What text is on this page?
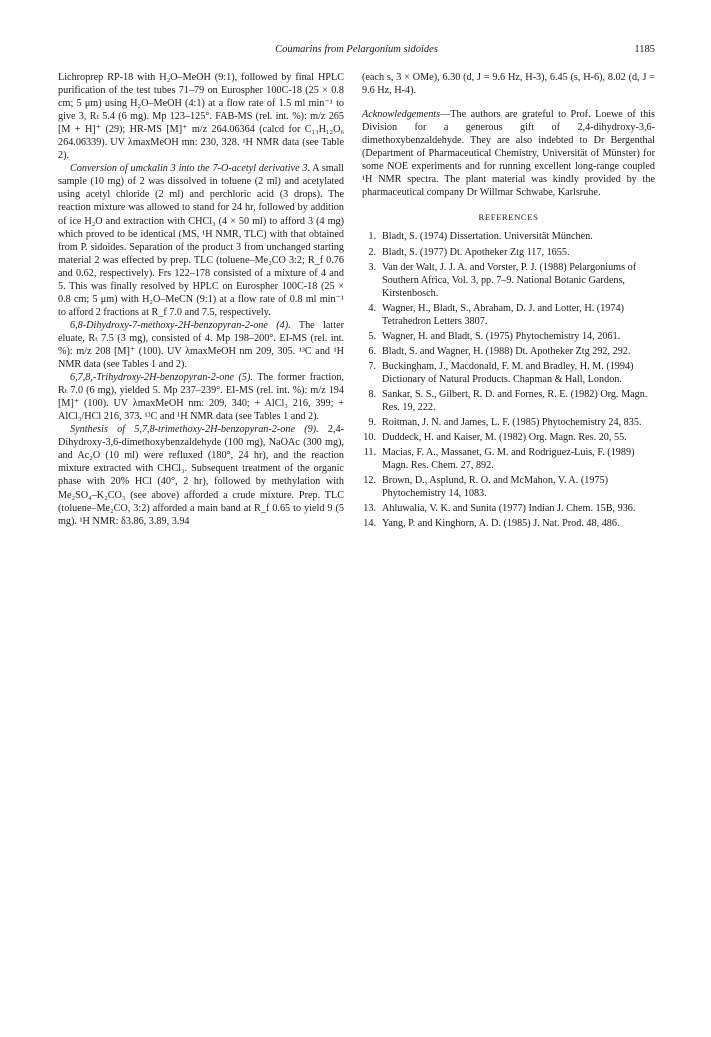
Coumarins from Pelargonium sidoides	1185

Lichroprep RP-18 with H₂O–MeOH (9:1), followed by final HPLC purification of the test tubes 71–79 on Eurospher 100C-18 (25 × 0.8 cm; 5 μm) using H₂O–MeOH (4:1) at a flow rate of 1.5 ml min⁻¹ to give 3, Rₜ 5.4 (6 mg). Mp 123–125°. FAB-MS (rel. int. %): m/z 265 [M + H]⁺ (29); HR-MS [M]⁺ m/z 264.06364 (calcd for C₁₃H₁₂O₆ 264.06339). UV λmaxMeOH mn: 230, 328. ¹H NMR data (see Table 2).

Conversion of umckalin 3 into the 7-O-acetyl derivative 3. A small sample (10 mg) of 2 was dissolved in toluene (2 ml) and acetylated using acetyl chloride (2 ml) and perchloric acid (3 drops). The reaction mixture was allowed to stand for 24 hr, followed by addition of ice H₂O and extraction with CHCl₃ (4 × 50 ml) to afford 3 (4 mg) which proved to be identical (MS, ¹H NMR, TLC) with that obtained from P. sidoides. Separation of the product 3 from unchanged starting material 2 was effected by prep. TLC (toluene–Me₂CO 3:2; R_f 0.76 and 0.62, respectively). Frs 122–178 consisted of a mixture of 4 and 5. This was finally resolved by HPLC on Eurospher 100C-18 (25 × 0.8 cm; 5 μm) with H₂O–MeCN (9:1) at a flow rate of 0.8 ml min⁻¹ to afford 2 fractions at R_f 7.0 and 7.5, respectively.

6,8-Dihydroxy-7-methoxy-2H-benzopyran-2-one (4). The latter eluate, Rₜ 7.5 (3 mg), consisted of 4. Mp 198–200°. EI-MS (rel. int. %): m/z 208 [M]⁺ (100). UV λmaxMeOH nm 209, 305. ¹³C and ¹H NMR data (see Tables 1 and 2).

6,7,8,-Trihydroxy-2H-benzopyran-2-one (5). The former fraction, Rₜ 7.0 (6 mg), yielded 5. Mp 237–239°. EI-MS (rel. int. %): m/z 194 [M]⁺ (100). UV λmaxMeOH nm: 209, 340; + AlCl₃ 216, 399; + AlCl₃/HCl 216, 373. ¹³C and ¹H NMR data (see Tables 1 and 2).

Synthesis of 5,7,8-trimethoxy-2H-benzopyran-2-one (9). 2,4-Dihydroxy-3,6-dimethoxybenzaldehyde (100 mg), NaOAc (300 mg), and Ac₂O (10 ml) were refluxed (180°, 24 hr), and the reaction mixture extracted with CHCl₃. Subsequent treatment of the organic phase with 20% HCl (40°, 2 hr), followed by methylation with Me₂SO₄–K₂CO₃ (see above) afforded a crude mixture. Prep. TLC (toluene–Me₂CO, 3:2) afforded a main band at R_f 0.65 to yield 9 (5 mg). ¹H NMR: δ3.86, 3.89, 3.94

(each s, 3 × OMe), 6.30 (d, J = 9.6 Hz, H-3), 6.45 (s, H-6), 8.02 (d, J = 9.6 Hz, H-4).

Acknowledgements—The authors are grateful to Prof. Loewe of this Division for a generous gift of 2,4-dihydroxy-3,6-dimethoxybenzaldehyde. They are also indebted to Dr Bergenthal (Department of Pharmaceutical Chemistry, Universität of Münster) for some NOE experiments and for running excellent long-range coupled ¹H NMR spectra. The plant material was kindly provided by the pharmaceutical company Dr Willmar Schwabe, Karlsruhe.

REFERENCES
1. Bladt, S. (1974) Dissertation. Universität München.
2. Bladt, S. (1977) Dt. Apotheker Ztg 117, 1655.
3. Van der Walt, J. J. A. and Vorster, P. J. (1988) Pelargoniums of Southern Africa, Vol. 3, pp. 7–9. National Botanic Gardens, Kirstenbosch.
4. Wagner, H., Bladt, S., Abraham, D. J. and Lotter, H. (1974) Tetrahedron Letters 3807.
5. Wagner, H. and Bladt, S. (1975) Phytochemistry 14, 2061.
6. Bladt, S. and Wagner, H. (1988) Dt. Apotheker Ztg 292, 292.
7. Buckingham, J., Macdonald, F. M. and Bradley, H. M. (1994) Dictionary of Natural Products. Chapman & Hall, London.
8. Sankar, S. S., Gilbert, R. D. and Fornes, R. E. (1982) Org. Magn. Res. 19, 222.
9. Roitman, J. N. and James, L. F. (1985) Phytochemistry 24, 835.
10. Duddeck, H. and Kaiser, M. (1982) Org. Magn. Res. 20, 55.
11. Macias, F. A., Massanet, G. M. and Rodriguez-Luis, F. (1989) Magn. Res. Chem. 27, 892.
12. Brown, D., Asplund, R. O. and McMahon, V. A. (1975) Phytochemistry 14, 1083.
13. Ahluwalia, V. K. and Sunita (1977) Indian J. Chem. 15B, 936.
14. Yang, P. and Kinghorn, A. D. (1985) J. Nat. Prod. 48, 486.
